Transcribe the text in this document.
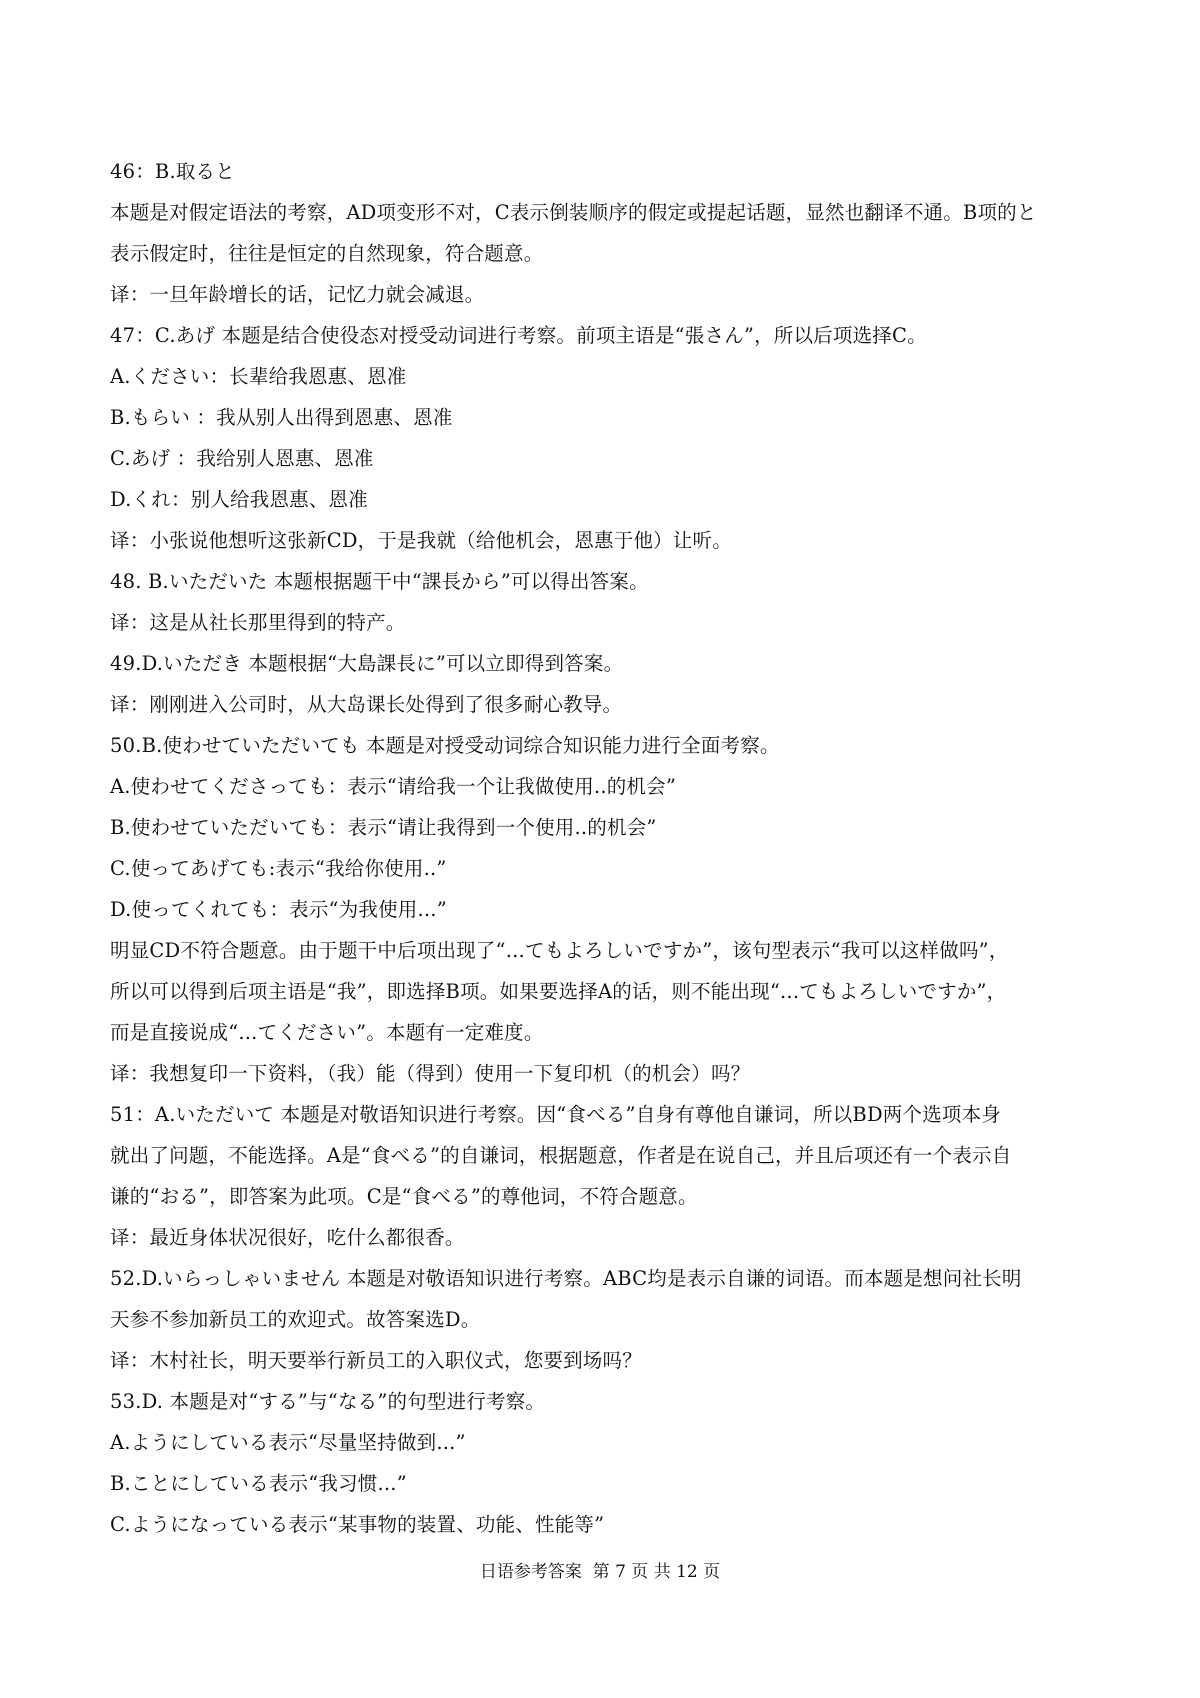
46：B.取ると
本题是对假定语法的考察，AD项变形不对，C表示倒装顺序的假定或提起话题，显然也翻译不通。B项的と
表示假定时，往往是恒定的自然现象，符合题意。
译：一旦年龄增长的话，记忆力就会减退。
47：C.あげ 本题是结合使役态对授受动词进行考察。前项主语是“張さん”，所以后项选择C。
A.ください：长辈给我恩惠、恩准
B.もらい ：我从别人出得到恩惠、恩准
C.あげ ：我给别人恩惠、恩准
D.くれ：别人给我恩惠、恩准
译：小张说他想听这张新CD，于是我就（给他机会，恩惠于他）让听。
48. B.いただいた 本题根据题干中“課長から”可以得出答案。
译：这是从社长那里得到的特产。
49.D.いただき 本题根据“大島課長に”可以立即得到答案。
译：刚刚进入公司时，从大岛课长处得到了很多耐心教导。
50.B.使わせていただいても 本题是对授受动词综合知识能力进行全面考察。
A.使わせてくださっても：表示“请给我一个让我做使用..的机会”
B.使わせていただいても：表示“请让我得到一个使用..的机会”
C.使ってあげても:表示“我给你使用..”
D.使ってくれても：表示“为我使用...”
明显CD不符合题意。由于题干中后项出现了“...てもよろしいですか”，该句型表示“我可以这样做吗”，
所以可以得到后项主语是“我”，即选择B项。如果要选择A的话，则不能出现“...てもよろしいですか”，
而是直接说成“...てください”。本题有一定难度。
译：我想复印一下资料，（我）能（得到）使用一下复印机（的机会）吗？
51：A.いただいて 本题是对敬语知识进行考察。因“食べる”自身有尊他自谦词，所以BD两个选项本身
就出了问题，不能选择。A是“食べる”的自谦词，根据题意，作者是在说自己，并且后项还有一个表示自
谦的“おる”，即答案为此项。C是“食べる”的尊他词，不符合题意。
译：最近身体状况很好，吃什么都很香。
52.D.いらっしゃいません 本题是对敬语知识进行考察。ABC均是表示自谦的词语。而本题是想问社长明
天参不参加新员工的欢迎式。故答案选D。
译：木村社长，明天要举行新员工的入职仪式，您要到场吗？
53.D. 本题是对“する”与“なる”的句型进行考察。
A.ようにしている表示“尽量坚持做到...”
B.ことにしている表示“我习惯...”
C.ようになっている表示“某事物的装置、功能、性能等”
日语参考答案  第 7 页 共 12 页
